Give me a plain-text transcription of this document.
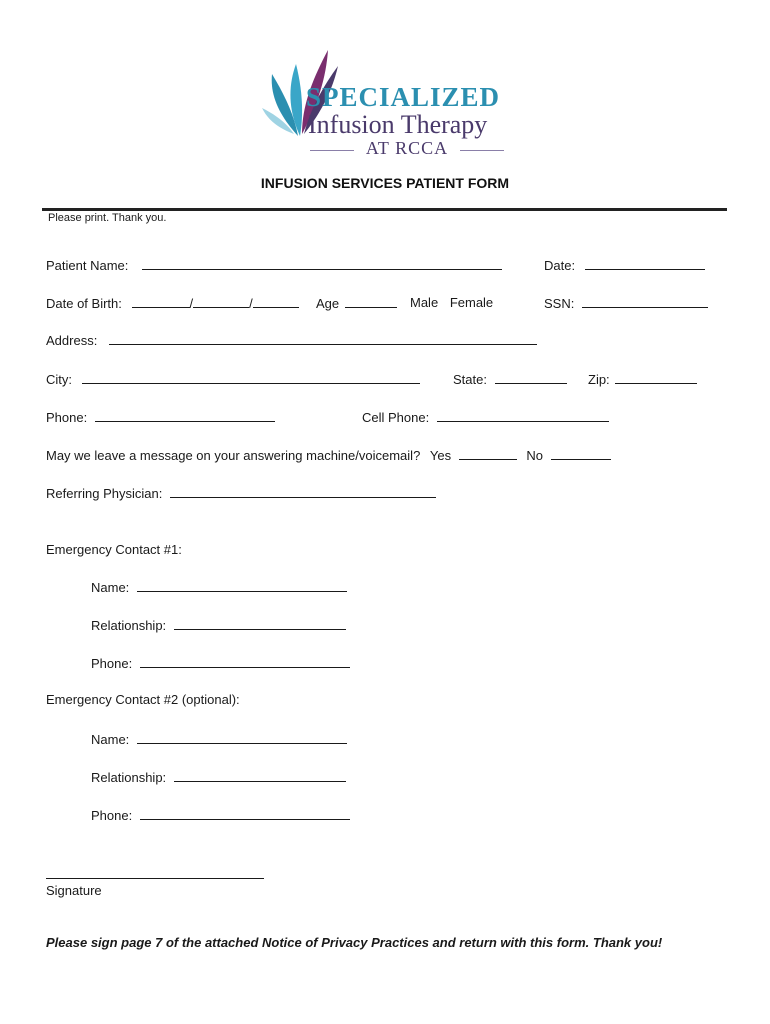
SPECIALIZED
Infusion Therapy
AT RCCA
INFUSION SERVICES PATIENT FORM
Please print. Thank you.
Patient Name:	Date:
Date of Birth:	/	/	Age	Male Female	SSN:
Address:
City:	State:	Zip:
Phone:	Cell Phone:
May we leave a message on your answering machine/voicemail? Yes	No
Referring Physician:
Emergency Contact #1:
Name:
Relationship:
Phone:
Emergency Contact #2 (optional):
Name:
Relationship:
Phone:
Signature
Please sign page 7 of the attached Notice of Privacy Practices and return with this form. Thank you!
